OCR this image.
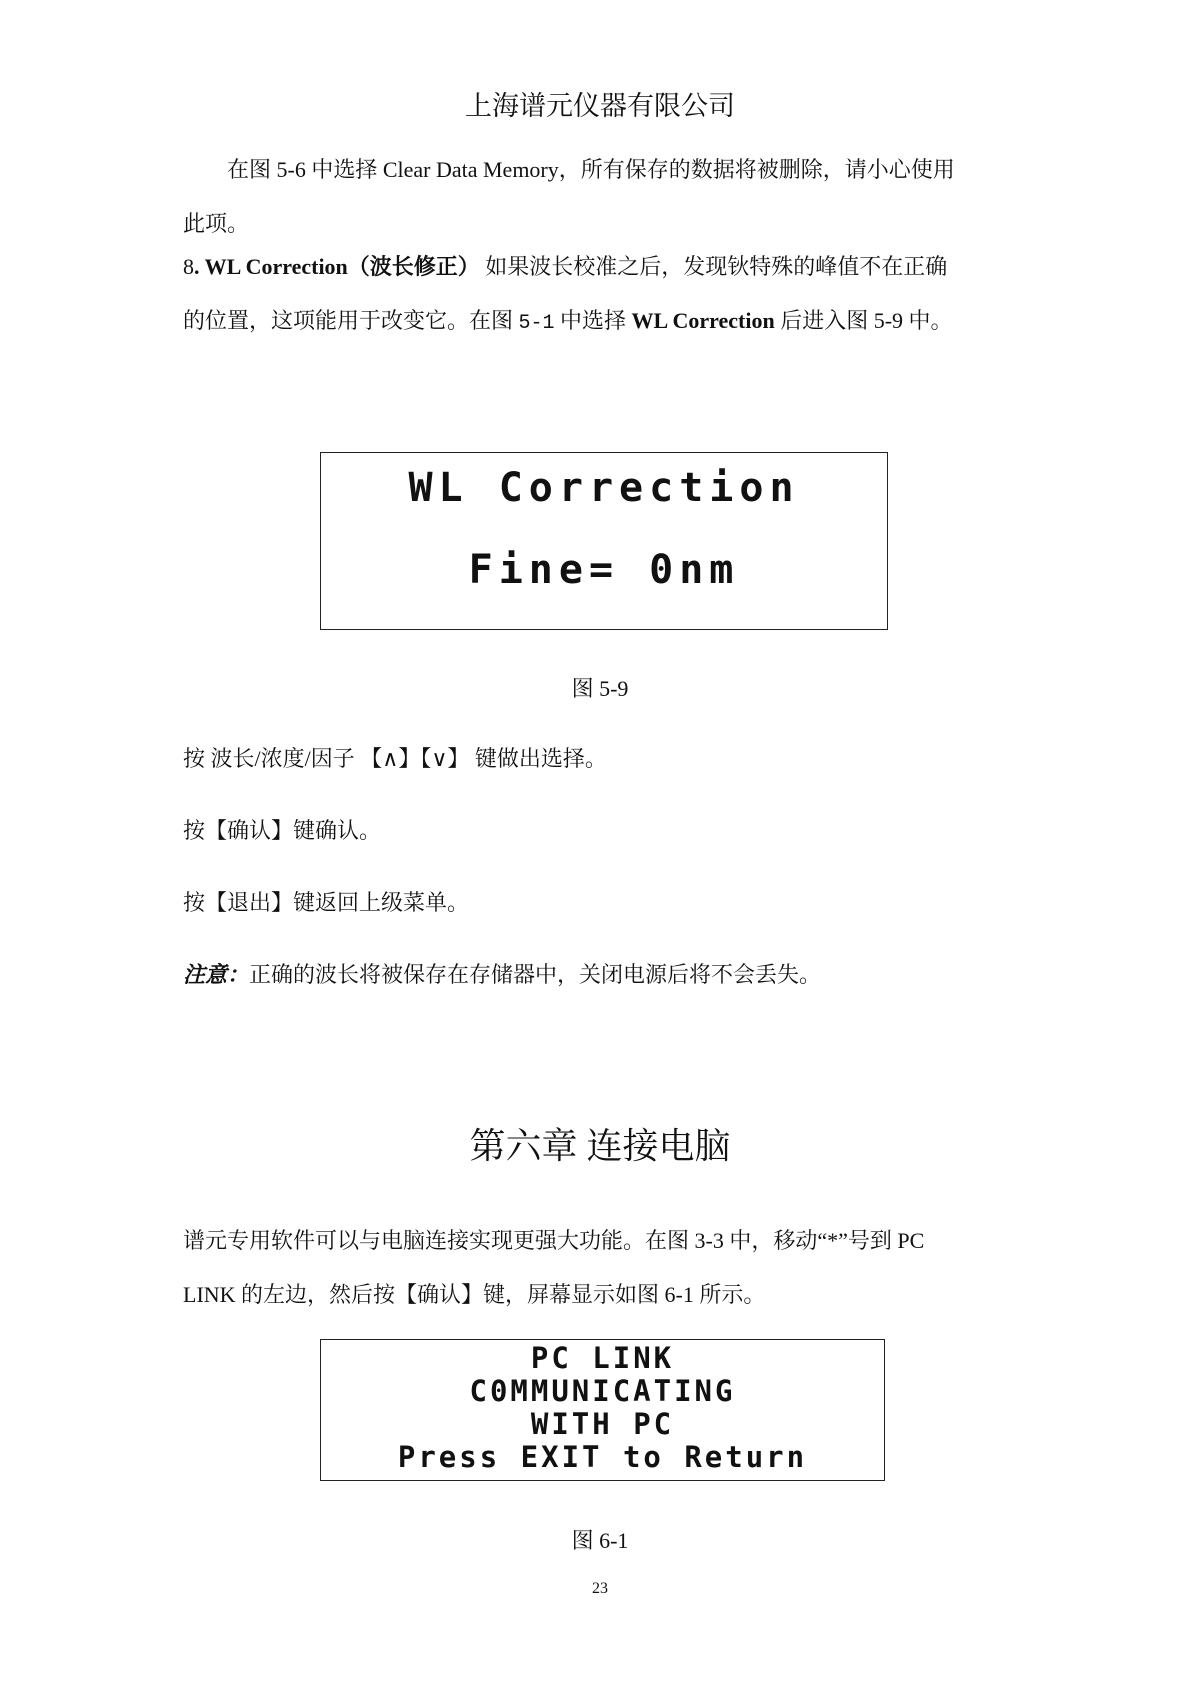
上海谱元仪器有限公司
在图 5-6 中选择 Clear Data Memory，所有保存的数据将被删除，请小心使用
此项。
8. WL Correction（波长修正） 如果波长校准之后，发现钬特殊的峰值不在正确
的位置，这项能用于改变它。在图 5-1 中选择 WL Correction 后进入图 5-9 中。
WL Correction
Fine= 0nm
图 5-9
按 波长/浓度/因子 【∧】【∨】 键做出选择。
按【确认】键确认。
按【退出】键返回上级菜单。
注意：正确的波长将被保存在存储器中，关闭电源后将不会丢失。
第六章 连接电脑
谱元专用软件可以与电脑连接实现更强大功能。在图 3-3 中，移动“*”号到 PC
LINK 的左边，然后按【确认】键，屏幕显示如图 6-1 所示。
PC LINK
C0MMUNICATING
WITH PC
Press EXIT to Return
图 6-1
23
